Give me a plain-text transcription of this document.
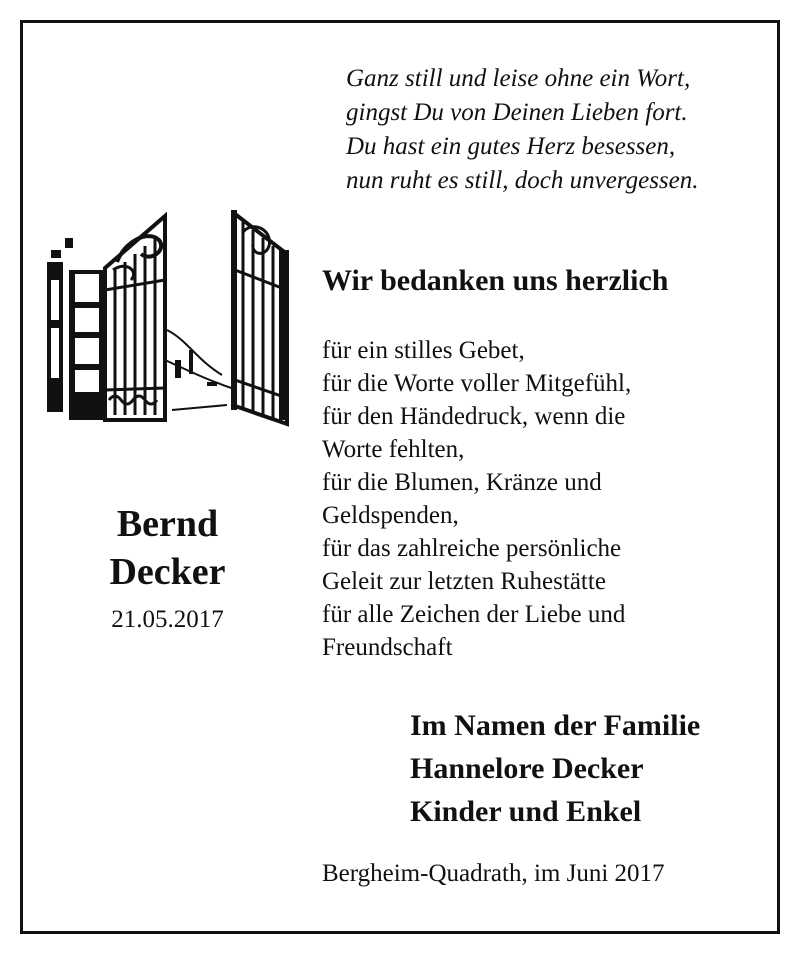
Ganz still und leise ohne ein Wort,
gingst Du von Deinen Lieben fort.
Du hast ein gutes Herz besessen,
nun ruht es still, doch unvergessen.
Bernd
Decker
21.05.2017
Wir bedanken uns herzlich
für ein stilles Gebet,
für die Worte voller Mitgefühl,
für den Händedruck, wenn die
Worte fehlten,
für die Blumen, Kränze und
Geldspenden,
für das zahlreiche persönliche
Geleit zur letzten Ruhestätte
für alle Zeichen der Liebe und
Freundschaft
Im Namen der Familie
Hannelore Decker
Kinder und Enkel
Bergheim-Quadrath, im Juni 2017
